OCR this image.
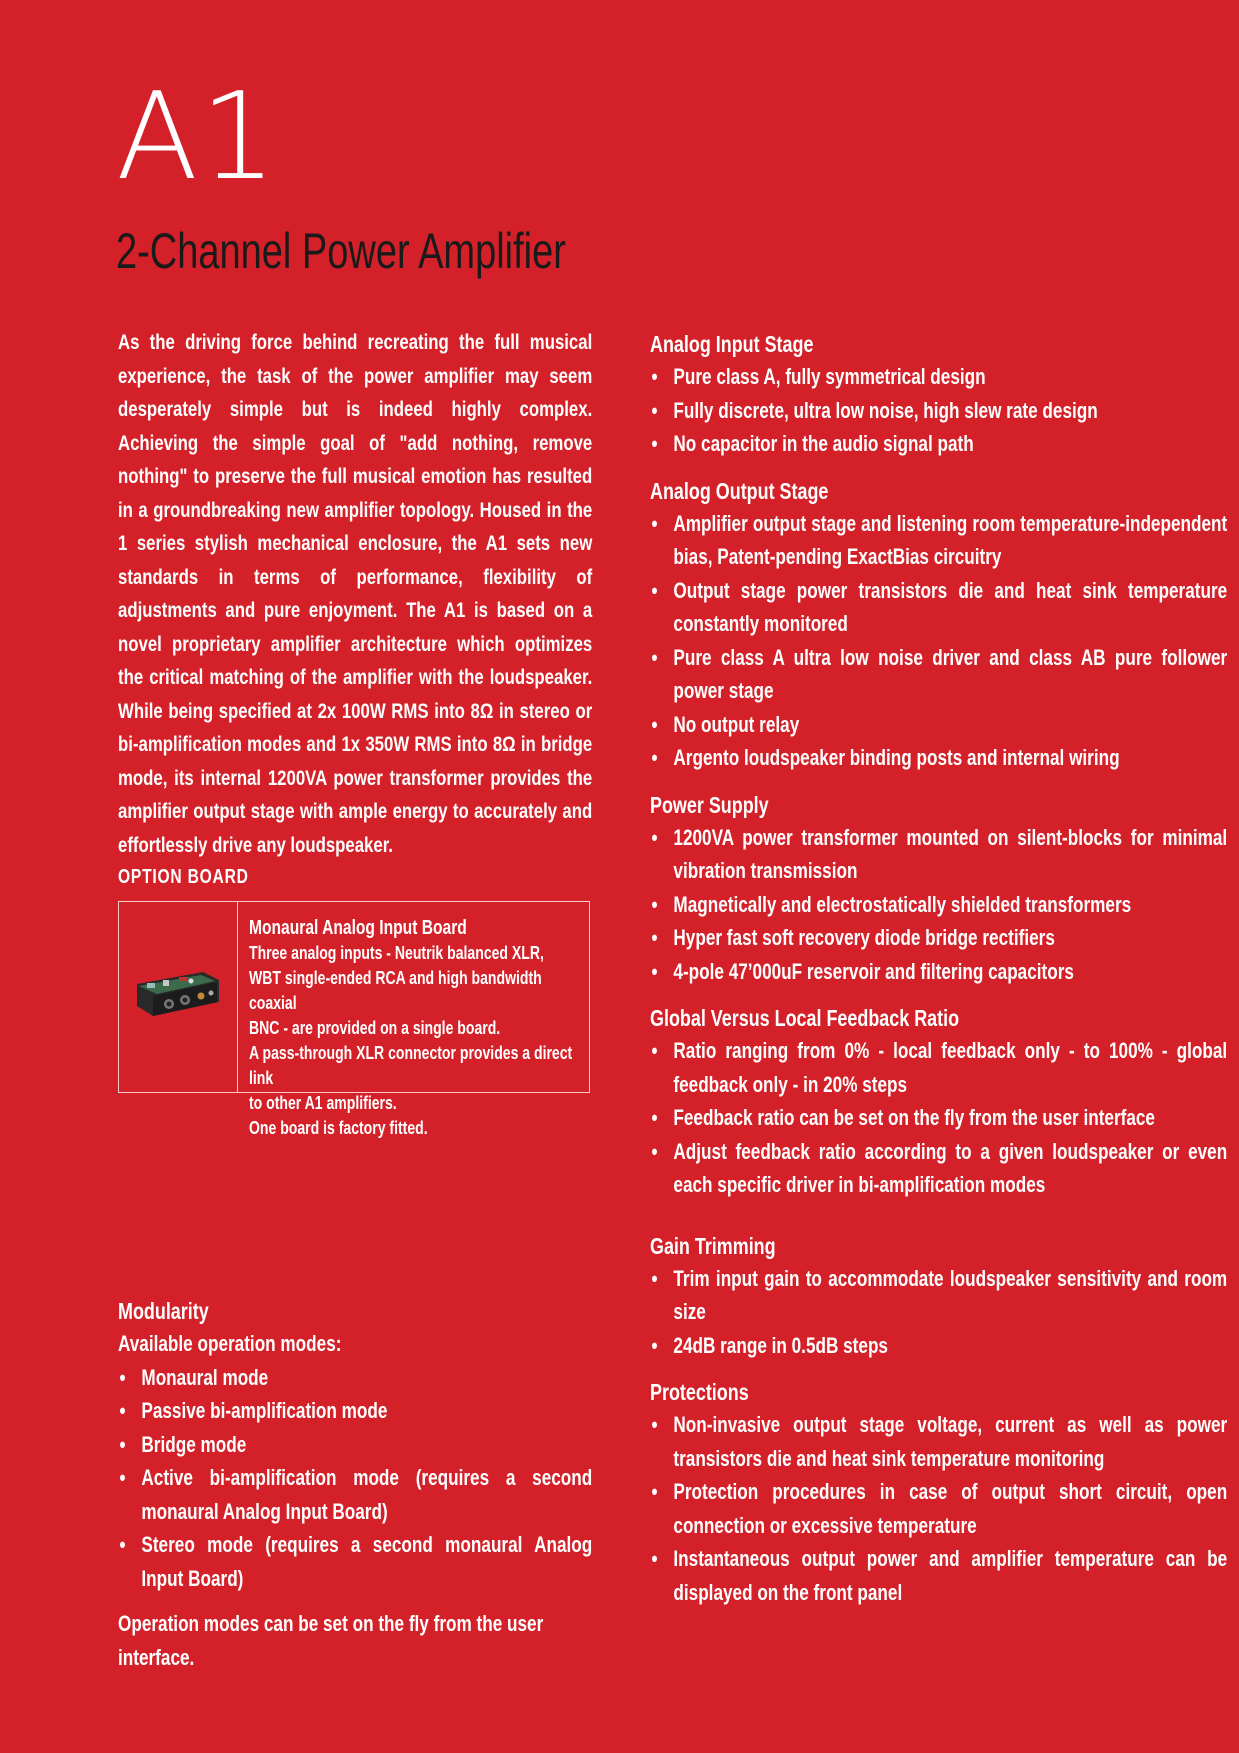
A1
2-Channel Power Amplifier

As the driving force behind recreating the full musical experience, the task of the power amplifier may seem desperately simple but is indeed highly complex. Achieving the simple goal of "add nothing, remove nothing" to preserve the full musical emotion has resulted in a groundbreaking new amplifier topology. Housed in the 1 series stylish mechanical enclosure, the A1 sets new standards in terms of performance, flexibility of adjustments and pure enjoyment. The A1 is based on a novel proprietary amplifier architecture which optimizes the critical matching of the amplifier with the loudspeaker. While being specified at 2x 100W RMS into 8Ω in stereo or bi-amplification modes and 1x 350W RMS into 8Ω in bridge mode, its internal 1200VA power transformer provides the amplifier output stage with ample energy to accurately and effortlessly drive any loudspeaker.

OPTION BOARD
Monaural Analog Input Board
Three analog inputs - Neutrik balanced XLR,
WBT single-ended RCA and high bandwidth coaxial
BNC - are provided on a single board.
A pass-through XLR connector provides a direct link
to other A1 amplifiers.
One board is factory fitted.
Modularity

Available operation modes:

• Monaural mode
• Passive bi-amplification mode
• Bridge mode
• Active bi-amplification mode (requires a second monaural Analog Input Board)
• Stereo mode (requires a second monaural Analog Input Board)

Operation modes can be set on the fly from the user interface.

Analog Input Stage
• Pure class A, fully symmetrical design
• Fully discrete, ultra low noise, high slew rate design
• No capacitor in the audio signal path
Analog Output Stage
• Amplifier output stage and listening room temperature-independent bias, Patent-pending ExactBias circuitry
• Output stage power transistors die and heat sink temperature constantly monitored
• Pure class A ultra low noise driver and class AB pure follower power stage
• No output relay
• Argento loudspeaker binding posts and internal wiring
Power Supply
• 1200VA power transformer mounted on silent-blocks for minimal vibration transmission
• Magnetically and electrostatically shielded transformers
• Hyper fast soft recovery diode bridge rectifiers
• 4-pole 47’000uF reservoir and filtering capacitors
Global Versus Local Feedback Ratio
• Ratio ranging from 0% - local feedback only - to 100% - global feedback only - in 20% steps
• Feedback ratio can be set on the fly from the user interface
• Adjust feedback ratio according to a given loudspeaker or even each specific driver in bi-amplification modes
Gain Trimming
• Trim input gain to accommodate loudspeaker sensitivity and room size
• 24dB range in 0.5dB steps
Protections
• Non-invasive output stage voltage, current as well as power transistors die and heat sink temperature monitoring
• Protection procedures in case of output short circuit, open connection or excessive temperature
• Instantaneous output power and amplifier temperature can be displayed on the front panel
